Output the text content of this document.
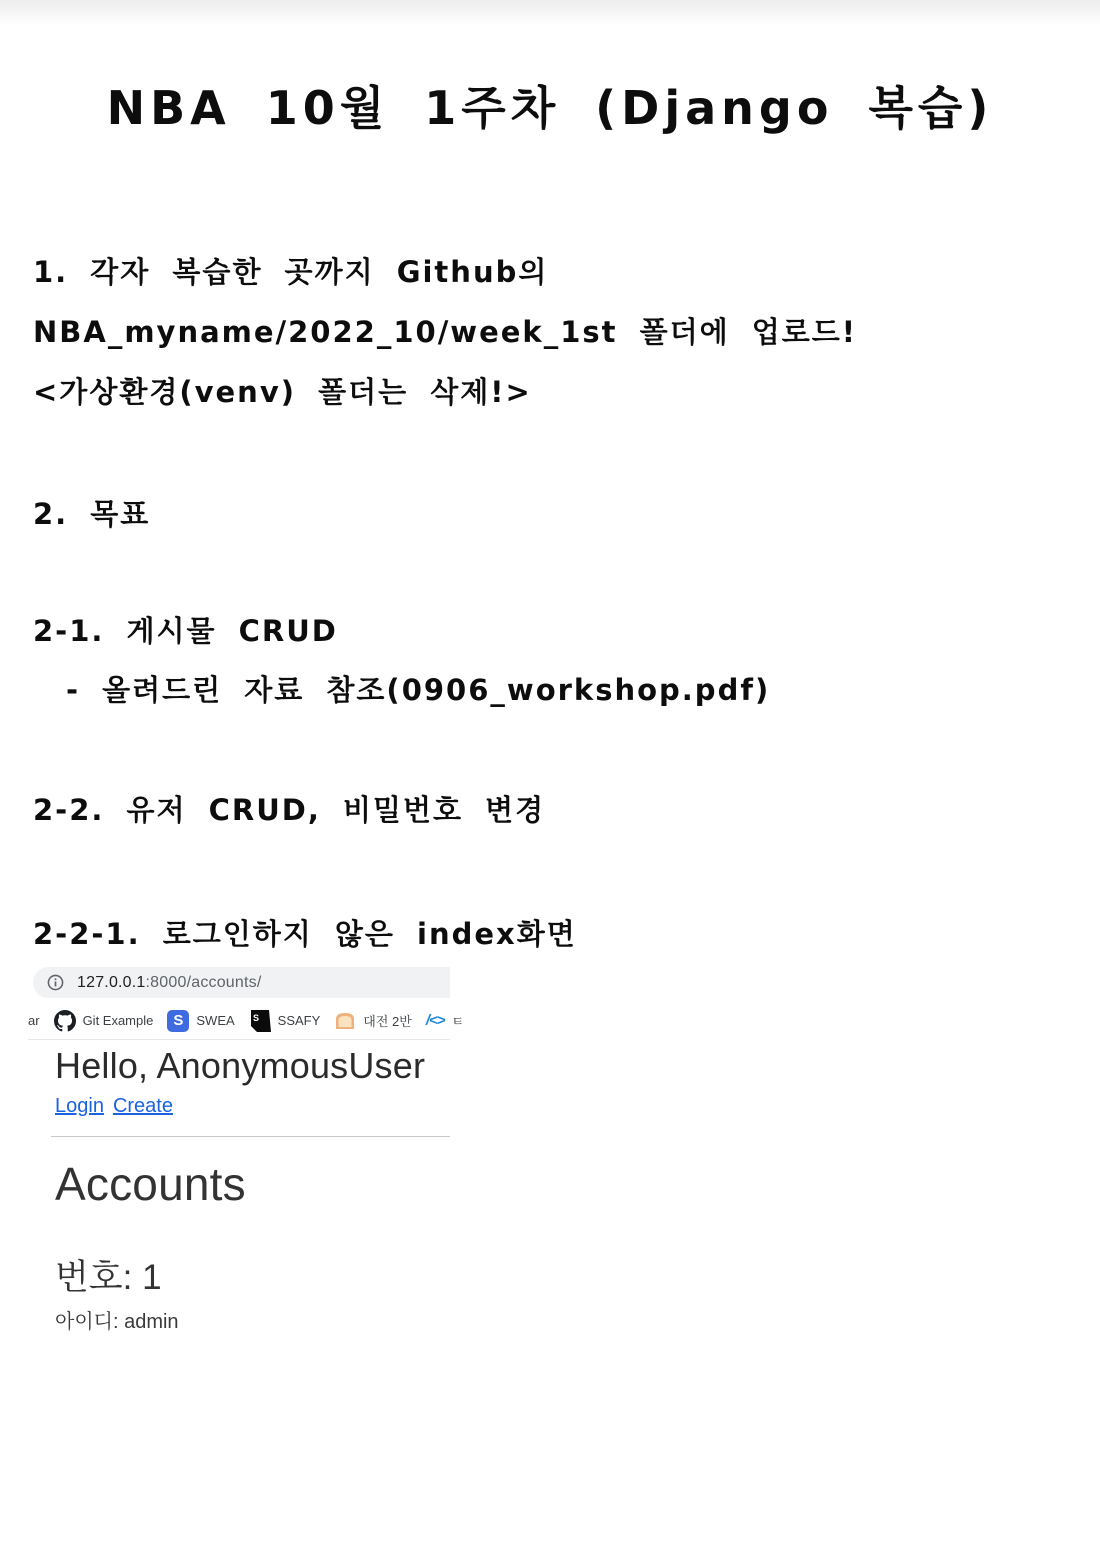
NBA 10월 1주차 (Django 복습)
1. 각자 복습한 곳까지 Github의
NBA_myname/2022_10/week_1st 폴더에 업로드!
<가상환경(venv) 폴더는 삭제!>
2. 목표
2-1. 게시물 CRUD
- 올려드린 자료 참조(0906_workshop.pdf)
2-2. 유저 CRUD, 비밀번호 변경
2-2-1. 로그인하지 않은 index화면
127.0.0.1:8000/accounts/
ar	Git Example	S	SWEA S SSAFY	대전 2반 /<> ㅌ
Hello, AnonymousUser
Login Create
Accounts
번호: 1
아이디: admin
